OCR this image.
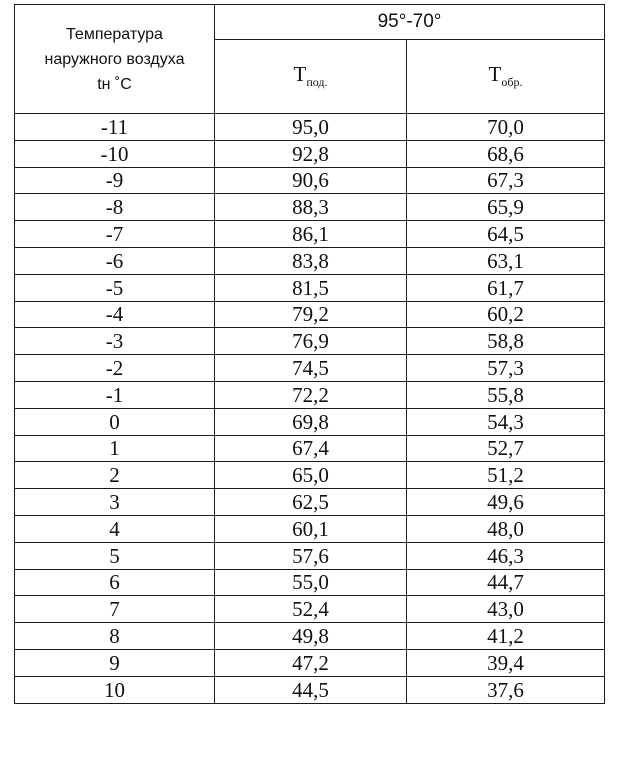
Температура
наружного воздуха
tн ˚С	95°-70°	
	$Т_{под.}$	$Т_{обр.}$
-11	95,0	70,0
-10	92,8	68,6
-9	90,6	67,3
-8	88,3	65,9
-7	86,1	64,5
-6	83,8	63,1
-5	81,5	61,7
-4	79,2	60,2
-3	76,9	58,8
-2	74,5	57,3
-1	72,2	55,8
0	69,8	54,3
1	67,4	52,7
2	65,0	51,2
3	62,5	49,6
4	60,1	48,0
5	57,6	46,3
6	55,0	44,7
7	52,4	43,0
8	49,8	41,2
9	47,2	39,4
10	44,5	37,6
